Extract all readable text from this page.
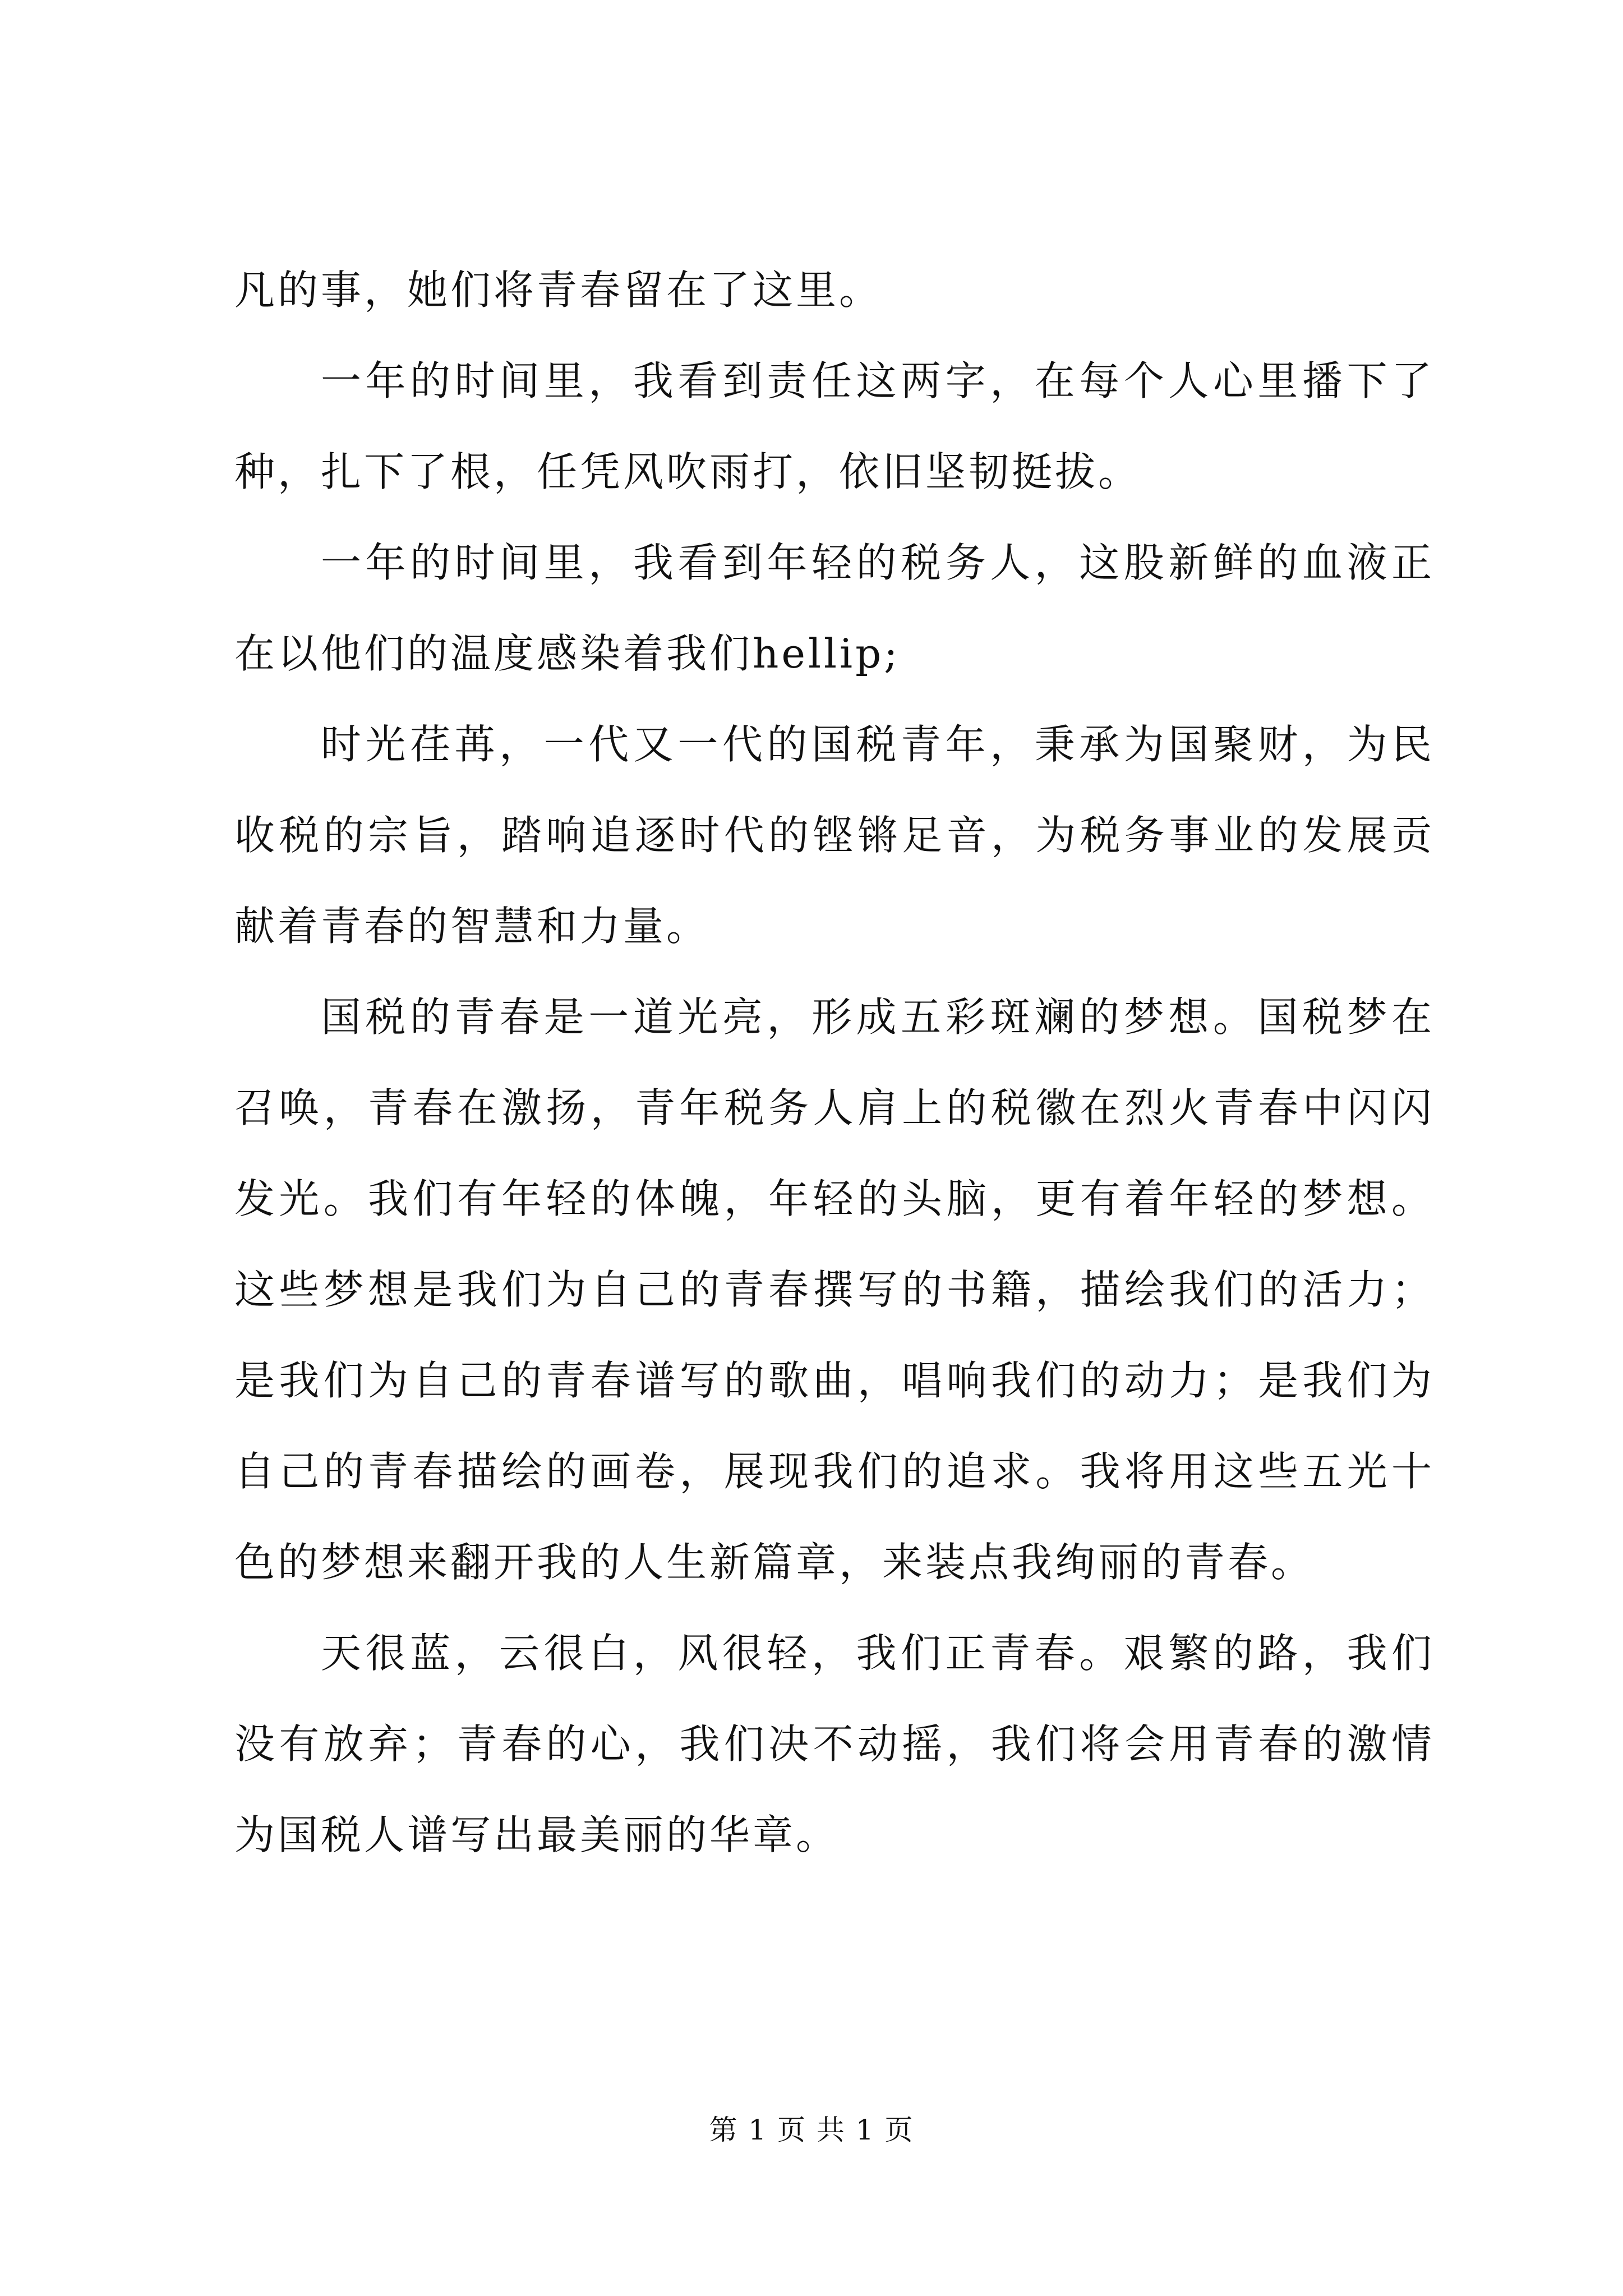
凡的事，她们将青春留在了这里。

一年的时间里，我看到责任这两字，在每个人心里播下了种，扎下了根，任凭风吹雨打，依旧坚韧挺拔。

一年的时间里，我看到年轻的税务人，这股新鲜的血液正在以他们的温度感染着我们hellip;

时光荏苒，一代又一代的国税青年，秉承为国聚财，为民收税的宗旨，踏响追逐时代的铿锵足音，为税务事业的发展贡献着青春的智慧和力量。

国税的青春是一道光亮，形成五彩斑斓的梦想。国税梦在召唤，青春在激扬，青年税务人肩上的税徽在烈火青春中闪闪发光。我们有年轻的体魄，年轻的头脑，更有着年轻的梦想。这些梦想是我们为自己的青春撰写的书籍，描绘我们的活力；是我们为自己的青春谱写的歌曲，唱响我们的动力；是我们为自己的青春描绘的画卷，展现我们的追求。我将用这些五光十色的梦想来翻开我的人生新篇章，来装点我绚丽的青春。

天很蓝，云很白，风很轻，我们正青春。艰繁的路，我们没有放弃；青春的心，我们决不动摇，我们将会用青春的激情为国税人谱写出最美丽的华章。

第 1 页 共 1 页
